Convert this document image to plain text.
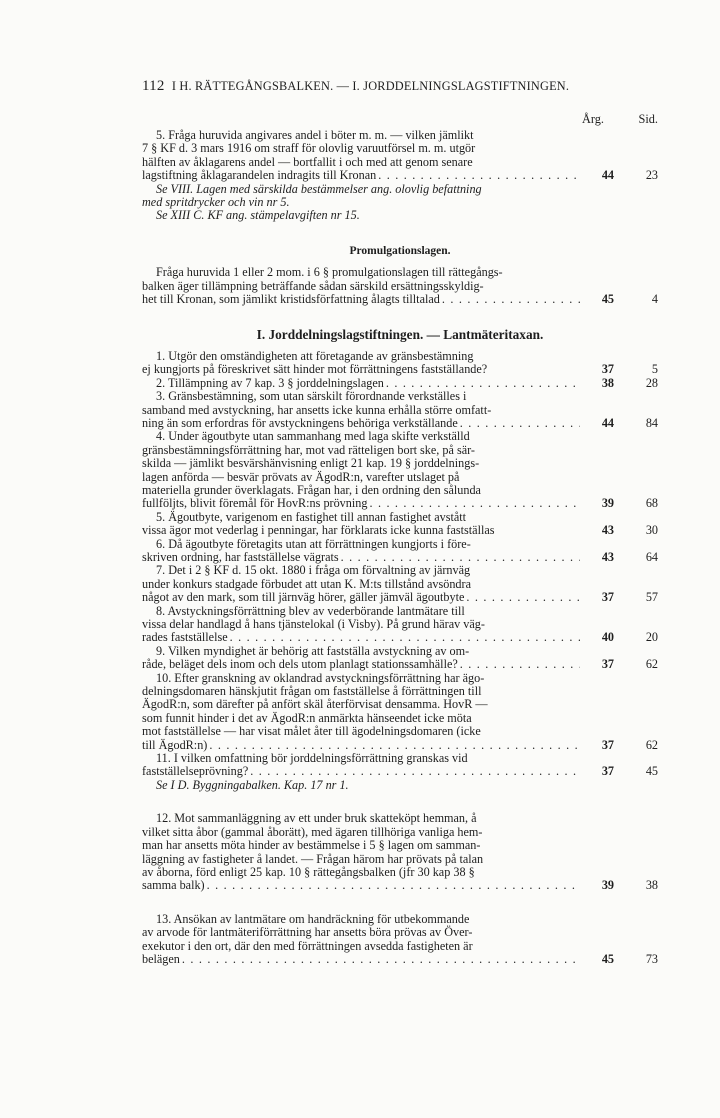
112 I H. RÄTTEGÅNGSBALKEN. — I. JORDDELNINGSLAGSTIFTNINGEN.
Årg.	Sid.
5. Fråga huruvida angivares andel i böter m. m. — vilken jämlikt
7 § KF d. 3 mars 1916 om straff för olovlig varuutförsel m. m. utgör
hälften av åklagarens andel — bortfallit i och med att genom senare
lagstiftning åklagarandelen indragits till Kronan . . .	44	23
Se VIII. Lagen med särskilda bestämmelser ang. olovlig befattning
med spritdrycker och vin nr 5.
Se XIII C. KF ang. stämpelavgiften nr 15.
Promulgationslagen.
Fråga huruvida 1 eller 2 mom. i 6 § promulgationslagen till rättegångs-
balken äger tillämpning beträffande sådan särskild ersättningsskyldig-
het till Kronan, som jämlikt kristidsförfattning ålagts tilltalad . . .	45	4
I. Jorddelningslagstiftningen. — Lantmäteritaxan.
1. Utgör den omständigheten att företagande av gränsbestämning
ej kungjorts på föreskrivet sätt hinder mot förrättningens fastställande?	37	5
2. Tillämpning av 7 kap. 3 § jorddelningslagen . . .	38	28
3. Gränsbestämning, som utan särskilt förordnande verkställes i
samband med avstyckning, har ansetts icke kunna erhålla större omfatt-
ning än som erfordras för avstyckningens behöriga verkställande . . .	44	84
4. Under ägoutbyte utan sammanhang med laga skifte verkställd
gränsbestämningsförrättning har, mot vad rätteligen bort ske, på sär-
skilda — jämlikt besvärshänvisning enligt 21 kap. 19 § jorddelnings-
lagen anförda — besvär prövats av ÄgodR:n, varefter utslaget på
materiella grunder överklagats. Frågan har, i den ordning den sålunda
fullföljts, blivit föremål för HovR:ns prövning . . .	39	68
5. Ägoutbyte, varigenom en fastighet till annan fastighet avstått
vissa ägor mot vederlag i penningar, har förklarats icke kunna fastställas	43	30
6. Då ägoutbyte företagits utan att förrättningen kungjorts i före-
skriven ordning, har fastställelse vägrats . . .	43	64
7. Det i 2 § KF d. 15 okt. 1880 i fråga om förvaltning av järnväg
under konkurs stadgade förbudet att utan K. M:ts tillstånd avsöndra
något av den mark, som till järnväg hörer, gäller jämväl ägoutbyte . . .	37	57
8. Avstyckningsförrättning blev av vederbörande lantmätare till
vissa delar handlagd å hans tjänstelokal (i Visby). På grund härav väg-
rades fastställelse . . .	40	20
9. Vilken myndighet är behörig att fastställa avstyckning av om-
råde, beläget dels inom och dels utom planlagt stationssamhälle? . . .	37	62
10. Efter granskning av oklandrad avstyckningsförrättning har ägo-
delningsdomaren hänskjutit frågan om fastställelse å förrättningen till
ÄgodR:n, som därefter på anfört skäl återförvisat densamma. HovR —
som funnit hinder i det av ÄgodR:n anmärkta hänseendet icke möta
mot fastställelse — har visat målet åter till ägodelningsdomaren (icke
till ÄgodR:n) . . .	37	62
11. I vilken omfattning bör jorddelningsförrättning granskas vid
fastställelseprövning? . . .	37	45
Se I D. Byggningabalken. Kap. 17 nr 1.
12. Mot sammanläggning av ett under bruk skatteköpt hemman, å
vilket sitta åbor (gammal åborätt), med ägaren tillhöriga vanliga hem-
man har ansetts möta hinder av bestämmelse i 5 § lagen om samman-
läggning av fastigheter å landet. — Frågan härom har prövats på talan
av åborna, förd enligt 25 kap. 10 § rättegångsbalken (jfr 30 kap 38 §
samma balk) . . .	39	38
13. Ansökan av lantmätare om handräckning för utbekommande
av arvode för lantmäteriförrättning har ansetts böra prövas av Över-
exekutor i den ort, där den med förrättningen avsedda fastigheten är
belägen . . .	45	73
